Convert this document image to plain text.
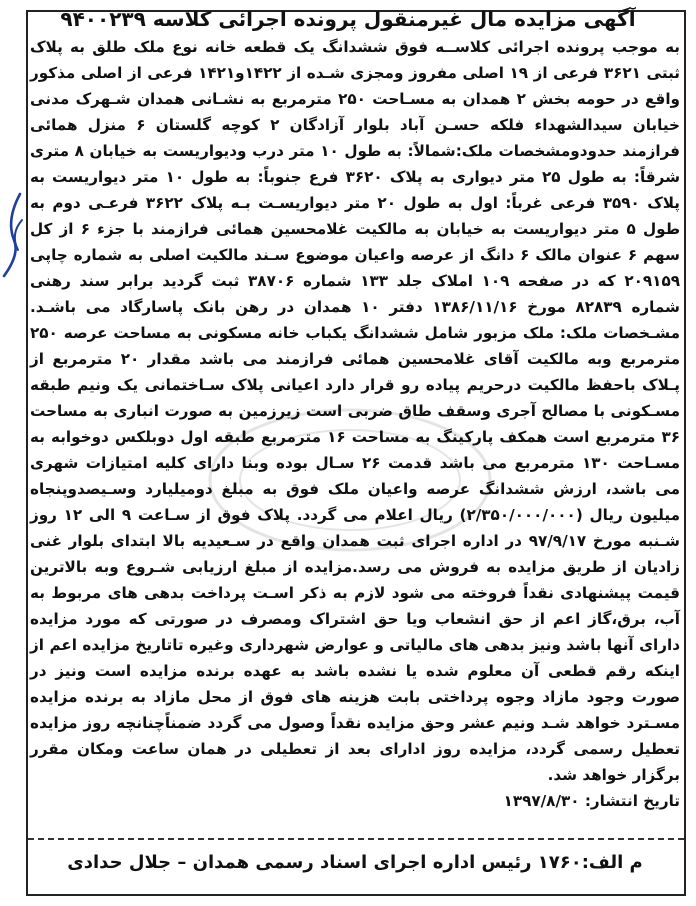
آگهی مزایده مال غیرمنقول پرونده اجرائی کلاسه ۹۴۰۰۲۳۹

به موجب پرونده اجرائی کلاســه فوق ششدانگ یک قطعه خانه نوع ملک طلق به پلاک ثبتی ۳۶۲۱ فرعی از ۱۹ اصلی مفروز ومجزی شـده از ۱۴۲۲و۱۴۲۱ فرعی از اصلی مذکور واقع در حومه بخش ۲ همدان به مسـاحت ۲۵۰ مترمربع به نشـانی همدان شـهرک مدنی خیابان سیدالشهداء فلکه حسـن آباد بلوار آزادگان ۲ کوچه گلستان ۶ منزل همائی فرازمند حدودومشخصات ملک:شمالاً: به طول ۱۰ متر درب ودیواریست به خیابان ۸ متری شرقاً: به طول ۲۵ متر دیواری به پلاک ۳۶۲۰ فرع جنوباً: به طول ۱۰ متر دیواریست به پلاک ۳۵۹۰ فرعی غرباً: اول به طول ۲۰ متر دیواریسـت بـه پلاک ۳۶۲۲ فرعـی دوم به طول ۵ متر دیواریست به خیابان به مالکیت غلامحسین همائی فرازمند با جزء ۶ از کل سهم ۶ عنوان مالک ۶ دانگ از عرصه واعیان موضوع سـند مالکیت اصلی به شماره چاپی ۲۰۹۱۵۹ که در صفحه ۱۰۹ املاک جلد ۱۳۳ شماره ۳۸۷۰۶ ثبت گردید برابر سند رهنی شماره ۸۲۸۳۹ مورخ ۱۳۸۶/۱۱/۱۶ دفتر ۱۰ همدان در رهن بانک پاسارگاد می باشـد. مشـخصات ملک: ملک مزبور شامل ششدانگ یکباب خانه مسکونی به مساحت عرصه ۲۵۰ مترمربع وبه مالکیت آقای غلامحسین همائی فرازمند می باشد مقدار ۲۰ مترمربع از پـلاک باحفظ مالکیت درحریم پیاده رو قرار دارد اعیانی پلاک سـاختمانی یک ونیم طبقه مسـکونی با مصالح آجری وسقف طاق ضربی است زیرزمین به صورت انباری به مساحت ۳۶ مترمربع است همکف پارکینگ به مساحت ۱۶ مترمربع طبقه اول دوبلکس دوخوابه به مسـاحت ۱۳۰ مترمربع می باشد قدمت ۲۶ سـال بوده وبنا دارای کلیه امتیازات شهری می باشد، ارزش ششدانگ عرصه واعیان ملک فوق به مبلغ دومیلیارد وسـیصدوپنجاه میلیون ریال (۲/۳۵۰/۰۰۰/۰۰۰) ریال اعلام می گردد. پلاک فوق از سـاعت ۹ الی ۱۲ روز شـنبه مورخ ۹۷/۹/۱۷ در اداره اجرای ثبت همدان واقع در سـعیدیه بالا ابتدای بلوار غنی زادیان از طریق مزایده به فروش می رسد.مزایده از مبلغ ارزیابی شـروع وبه بالاترین قیمت پیشنهادی نقداً فروخته می شود لازم به ذکر اسـت پرداخت بدهی های مربوط به آب، برق،گاز اعم از حق انشعاب ویا حق اشتراک ومصرف در صورتی که مورد مزایده دارای آنها باشد ونیز بدهی های مالیاتی و عوارض شهرداری وغیره تاتاریخ مزایده اعم از اینکه رقم قطعی آن معلوم شده یا نشده باشد به عهده برنده مزایده است ونیز در صورت وجود مازاد وجوه پرداختی بابت هزینه های فوق از محل مازاد به برنده مزایده مسـترد خواهد شـد ونیم عشر وحق مزایده نقداً وصول می گردد ضمناًچنانچه روز مزایده تعطیل رسمی گردد، مزایده روز ادارای بعد از تعطیلی در همان ساعت ومکان مقرر برگزار خواهد شد.

تاریخ انتشار: ۱۳۹۷/۸/۳۰

م الف:۱۷۶۰ رئیس اداره اجرای اسناد رسمی همدان – جلال حدادی
